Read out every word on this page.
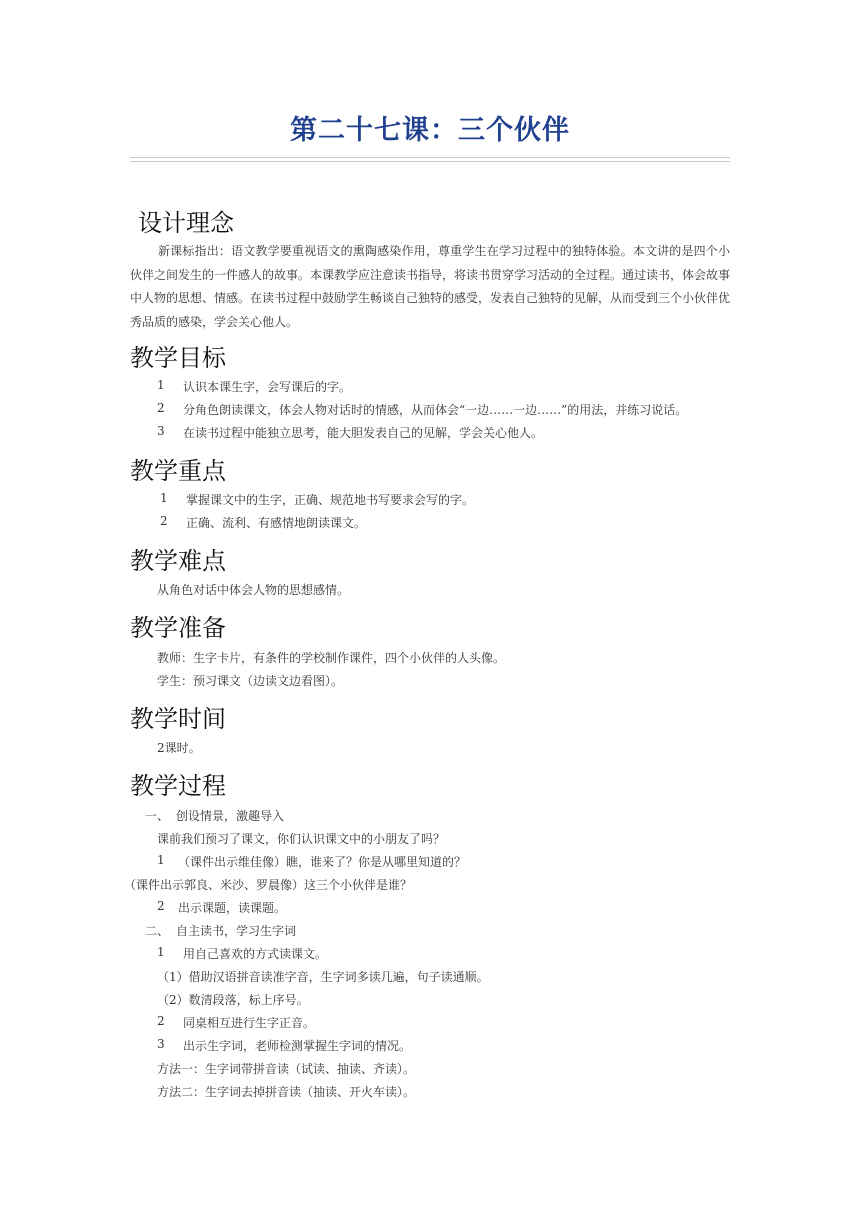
第二十七课：三个伙伴
设计理念
新课标指出：语文教学要重视语文的熏陶感染作用，尊重学生在学习过程中的独特体验。本文讲的是四个小伙伴之间发生的一件感人的故事。本课教学应注意读书指导，将读书贯穿学习活动的全过程。通过读书，体会故事中人物的思想、情感。在读书过程中鼓励学生畅谈自己独特的感受，发表自己独特的见解，从而受到三个小伙伴优秀品质的感染，学会关心他人。
教学目标
1 认识本课生字，会写课后的字。
2 分角色朗读课文，体会人物对话时的情感，从而体会“一边……一边……”的用法，并练习说话。
3 在读书过程中能独立思考，能大胆发表自己的见解，学会关心他人。
教学重点
1 掌握课文中的生字，正确、规范地书写要求会写的字。
2 正确、流利、有感情地朗读课文。
教学难点
从角色对话中体会人物的思想感情。
教学准备
教师：生字卡片，有条件的学校制作课件，四个小伙伴的人头像。
学生：预习课文（边读文边看图）。
教学时间
2课时。
教学过程
一、 创设情景，激趣导入
课前我们预习了课文，你们认识课文中的小朋友了吗？
1 （课件出示维佳像）瞧，谁来了？你是从哪里知道的？
（课件出示郭良、米沙、罗晨像）这三个小伙伴是谁？
2 出示课题，读课题。
二、 自主读书，学习生字词
1 用自己喜欢的方式读课文。
（1）借助汉语拼音读准字音，生字词多读几遍，句子读通顺。
（2）数清段落，标上序号。
2 同桌相互进行生字正音。
3 出示生字词，老师检测掌握生字词的情况。
方法一：生字词带拼音读（试读、抽读、齐读）。
方法二：生字词去掉拼音读（抽读、开火车读）。
